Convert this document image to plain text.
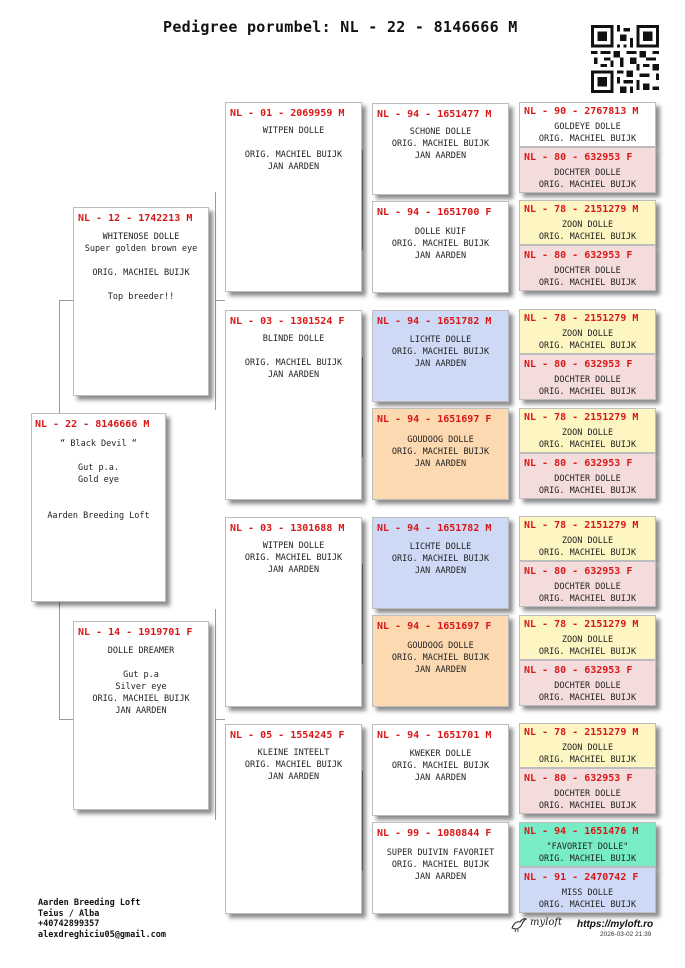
Pedigree porumbel: NL - 22 - 8146666 M
NL - 22 - 8146666 M
“ Black Devil “
Gut p.a.
Gold eye
Aarden Breeding Loft
NL - 12 - 1742213 M
WHITENOSE DOLLE
Super golden brown eye
ORIG. MACHIEL BUIJK
Top breeder!!
NL - 14 - 1919701 F
DOLLE DREAMER
Gut p.a
Silver eye
ORIG. MACHIEL BUIJK
JAN AARDEN
NL - 01 - 2069959 M
WITPEN DOLLE
ORIG. MACHIEL BUIJK
JAN AARDEN
NL - 03 - 1301524 F
BLINDE DOLLE
ORIG. MACHIEL BUIJK
JAN AARDEN
NL - 03 - 1301688 M
WITPEN DOLLE
ORIG. MACHIEL BUIJK
JAN AARDEN
NL - 05 - 1554245 F
KLEINE INTEELT
ORIG. MACHIEL BUIJK
JAN AARDEN
NL - 94 - 1651477 M
SCHONE DOLLE
ORIG. MACHIEL BUIJK
JAN AARDEN
NL - 94 - 1651700 F
DOLLE KUIF
ORIG. MACHIEL BUIJK
JAN AARDEN
NL - 94 - 1651782 M
LICHTE DOLLE
ORIG. MACHIEL BUIJK
JAN AARDEN
NL - 94 - 1651697 F
GOUDOOG DOLLE
ORIG. MACHIEL BUIJK
JAN AARDEN
NL - 94 - 1651782 M
LICHTE DOLLE
ORIG. MACHIEL BUIJK
JAN AARDEN
NL - 94 - 1651697 F
GOUDOOG DOLLE
ORIG. MACHIEL BUIJK
JAN AARDEN
NL - 94 - 1651701 M
KWEKER DOLLE
ORIG. MACHIEL BUIJK
JAN AARDEN
NL - 99 - 1080844 F
SUPER DUIVIN FAVORIET
ORIG. MACHIEL BUIJK
JAN AARDEN
NL - 90 - 2767813 M
GOLDEYE DOLLE
ORIG. MACHIEL BUIJK
NL - 80 - 632953 F
DOCHTER DOLLE
ORIG. MACHIEL BUIJK
NL - 78 - 2151279 M
ZOON DOLLE
ORIG. MACHIEL BUIJK
NL - 80 - 632953 F
DOCHTER DOLLE
ORIG. MACHIEL BUIJK
NL - 78 - 2151279 M
ZOON DOLLE
ORIG. MACHIEL BUIJK
NL - 80 - 632953 F
DOCHTER DOLLE
ORIG. MACHIEL BUIJK
NL - 78 - 2151279 M
ZOON DOLLE
ORIG. MACHIEL BUIJK
NL - 80 - 632953 F
DOCHTER DOLLE
ORIG. MACHIEL BUIJK
NL - 78 - 2151279 M
ZOON DOLLE
ORIG. MACHIEL BUIJK
NL - 80 - 632953 F
DOCHTER DOLLE
ORIG. MACHIEL BUIJK
NL - 78 - 2151279 M
ZOON DOLLE
ORIG. MACHIEL BUIJK
NL - 80 - 632953 F
DOCHTER DOLLE
ORIG. MACHIEL BUIJK
NL - 78 - 2151279 M
ZOON DOLLE
ORIG. MACHIEL BUIJK
NL - 80 - 632953 F
DOCHTER DOLLE
ORIG. MACHIEL BUIJK
NL - 94 - 1651476 M
"FAVORIET DOLLE"
ORIG. MACHIEL BUIJK
NL - 91 - 2470742 F
MISS DOLLE
ORIG. MACHIEL BUIJK
Aarden Breeding Loft
Teius / Alba
+40742899357
alexdreghiciu05@gmail.com
myloft https://myloft.ro
2026-03-02 21:39
